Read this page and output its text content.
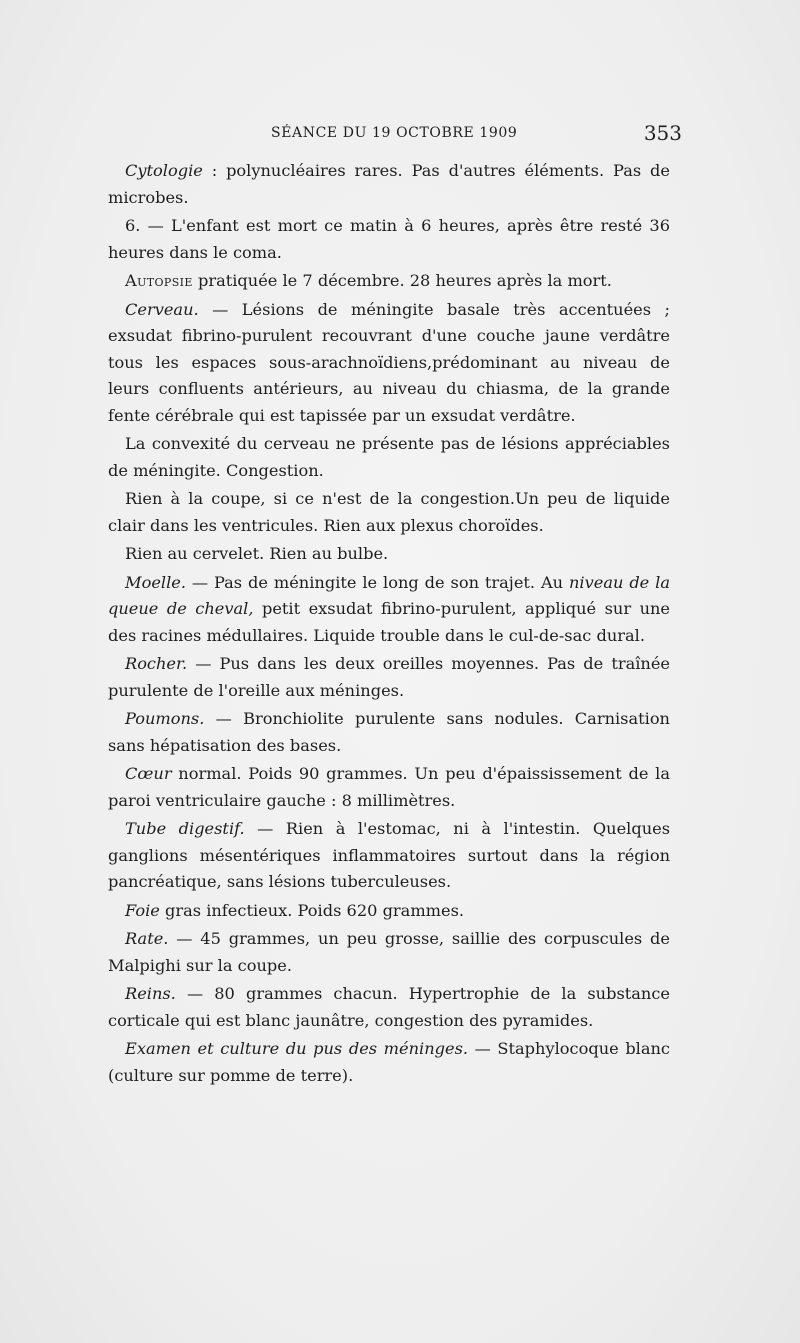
SÉANCE DU 19 OCTOBRE 1909	353

Cytologie : polynucléaires rares. Pas d'autres éléments. Pas de microbes.

6. — L'enfant est mort ce matin à 6 heures, après être resté 36 heures dans le coma.

Autopsie pratiquée le 7 décembre. 28 heures après la mort.

Cerveau. — Lésions de méningite basale très accentuées ; exsudat fibrino-purulent recouvrant d'une couche jaune verdâtre tous les espaces sous-arachnoïdiens,prédominant au niveau de leurs confluents antérieurs, au niveau du chiasma, de la grande fente cérébrale qui est tapissée par un exsudat verdâtre.

La convexité du cerveau ne présente pas de lésions appréciables de méningite. Congestion.

Rien à la coupe, si ce n'est de la congestion.Un peu de liquide clair dans les ventricules. Rien aux plexus choroïdes.

Rien au cervelet. Rien au bulbe.

Moelle. — Pas de méningite le long de son trajet. Au niveau de la queue de cheval, petit exsudat fibrino-purulent, appliqué sur une des racines médullaires. Liquide trouble dans le cul-de-sac dural.

Rocher. — Pus dans les deux oreilles moyennes. Pas de traînée purulente de l'oreille aux méninges.

Poumons. — Bronchiolite purulente sans nodules. Carnisation sans hépatisation des bases.

Cœur normal. Poids 90 grammes. Un peu d'épaississement de la paroi ventriculaire gauche : 8 millimètres.

Tube digestif. — Rien à l'estomac, ni à l'intestin. Quelques ganglions mésentériques inflammatoires surtout dans la région pancréatique, sans lésions tuberculeuses.

Foie gras infectieux. Poids 620 grammes.

Rate. — 45 grammes, un peu grosse, saillie des corpuscules de Malpighi sur la coupe.

Reins. — 80 grammes chacun. Hypertrophie de la substance corticale qui est blanc jaunâtre, congestion des pyramides.

Examen et culture du pus des méninges. — Staphylocoque blanc (culture sur pomme de terre).
